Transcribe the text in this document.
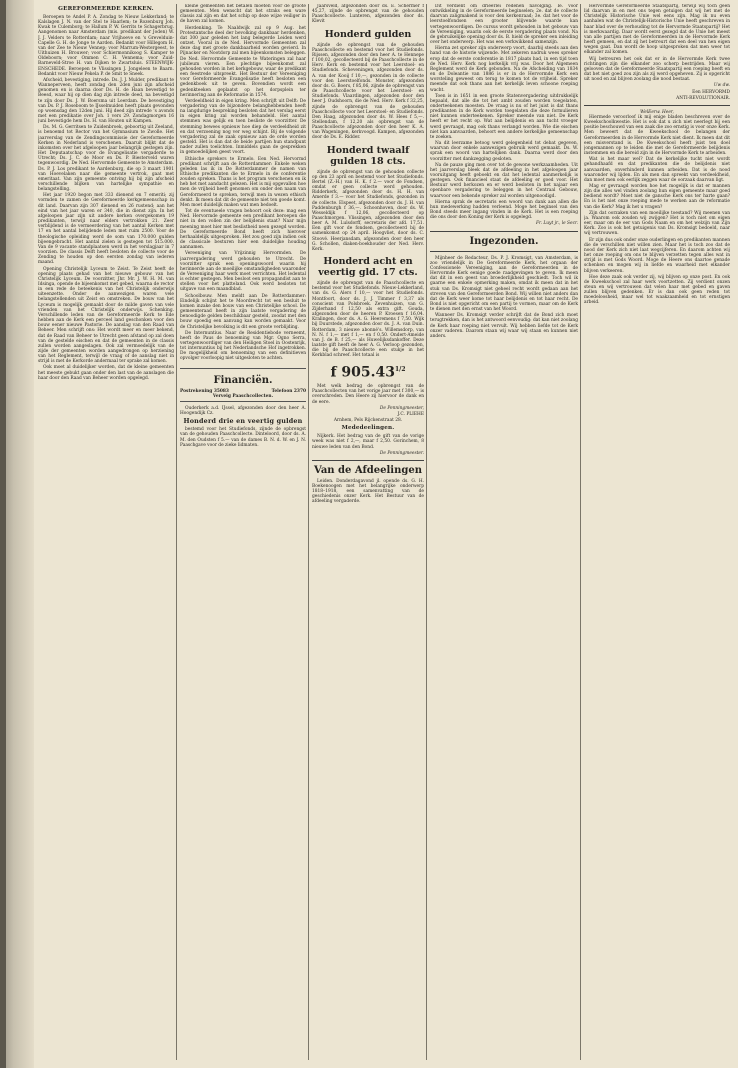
GEREFORMEERDE KERKEN.

Beroepen te Andel P. A. Zondag te Nieuw Lekkerland; te Kalslagen J. N. van der Stel te Haarlem; te Rozenburg Joh. Kwak te Culemborg; te Hallum P. W. Gerrits te Schagerbrug. Aangenomen naar Amsterdam (mis. predikant der Joden) W. J. J. Velders te Rotterdam; naar Vrijhoeve en 's Grevelduin-Capelle G. H. de Jonge te Aarden. Bedankt voor Hillegom H. van der Zee te Nieuw Vennep; voor Marrum-Westergeest, te Uithuizen H. Brouwer; voor Schiermonnikoog S. Kamper te Oldeboorn; voor Ommen C. H. Vennema; voor Zuid-Barneveld-Stroe H. van Dijken te Zwartsluis. STEENWIJK-ENSCHEDE. Beroepen te Vlissingen J. Jongeleen te Baarn. Bedankt voor Nieuw Pekela P. de Smit te Sneek.

Afscheid, bevestiging, intrede. Ds. J. J. Mulder, predikant te Wanneperveen, heeft zondag den 2den juni zijn afscheid genomen en is daarna door Ds. H. de Haan bevestigd te Beesd, waar hij op dien dag zijn intrede deed, na bevestigd te zijn door Ds. J. W. Boersma uit Leerdam. De bevestiging van Ds. P. J. Roseboom te IJsselmuiden heeft plaats gevonden op woensdag den 12den juni. Hij deed zijn intrede 's avonds met een predikatie over Joh. 1 vers 29. Zondagmorgen 16 juni bevestigde hem Ds. H. van Houten uit Kampen.

Ds. M. G. Gerritsen te Zuidenbroek, geboortig uit Zeeland, is benoemd tot Rector van het Gymnasium te Zwolle. Het jaarverslag van de Zendingscommissie der Gereformeerde Kerken in Nederland is verschenen. Daaruit blijkt dat de inkomsten over het afgeloopen jaar belangrijk gestegen zijn. Het Deputaatschap voor de Evangelisatie vergaderde te Utrecht; Ds. J. C. de Moor en Ds. P. Biesterveld waren tegenwoordig. De Ned. Hervormde Gemeente te Amsterdam. Ds. P. J. Los predikant te Aardenburg, die op 3 maart 1901 van Hoevelaken naar die gemeente vertrok, gaat met emeritaat. Van zijn gemeente ontving hij bij zijn afscheid verschillende blijken van hartelijke sympathie en belangstelling.

Het jaar 1920 begon met 333 dienend en 7 emeriti; zij vormden te zamen de Gereformeerde kerkgemeenschap in dit land. Daarvan zijn 307 dienend en 26 rustend; aan het eind van het jaar waren er 340, die in dienst zijn. In het afgeloopen jaar zijn uit andere kerken overgekomen 19 predikanten, terwijl naar elders vertrokken 21. Zeer verblijdend is de vermeerdering van het aantal Kerken met 17 en het aantal belijdende leden met ruim 2500. Voor de theologische opleiding werd de som van 170.000 gulden bijeengebracht. Het aantal zielen is gestegen tot 515.000. Van de 9 vacante standplaatsen werd in het verslagjaar in 7 voorzien. De classis Delft heeft besloten de collecte voor de Zending te houden op den eersten zondag van iederen maand.

Opening Christelijk Lyceum te Zeist. Te Zeist heeft de opening plaats gehad van het nieuwe gebouw van het Christelijk Lyceum. De voorzitter, Jhr. Mr. J. W. H. M. van Idsinga, opende de bijeenkomst met gebed, waarna de rector in een rede de beteekenis van het Christelijk onderwijs uiteenzette. Onder de aanwezigen waren vele belangstellenden uit Zeist en omstreken. De bouw van het Lyceum is mogelijk gemaakt door de milde gaven van vele vrienden van het Christelijk onderwijs. Schenking. Verschillende leden van de Gereformeerde Kerk te Ede hebben aan de Kerk een perceel land geschonken voor den bouw eener nieuwe Pastorie. De aanslag van den Raad van Beheer. Men schrijft ons: Het wordt meer en meer bekend, dat de Raad van Beheer te Utrecht geen afstand op zal doen van de gestelde eischen en dat de gemeenten in de classis zullen worden aangeslagen. Ook zal vermoedelijk van de zijde der gemeenten worden aangedrongen op herziening van het Reglement, terwijl de vraag of de aanslag niet in strijd is met de Kerkorde andermaal ter sprake zal komen.

Ook moet al duidelijker worden, dat de kleine gemeenten het meeste gebukt gaan onder den last van de aanslagen die haar door den Raad van Beheer worden opgelegd.

kleine gemeenten het betalen moeten voor de groote gemeenten. Men wenscht dat het straks een ware classis zal zijn en dat het schip op deze wijze veiliger in de haven zal komen.

Herdenking. Te Naaldwijk zal op 9 Aug. het Protestantsche deel der bevolking dankbaar herdenken, dat 300 jaar geleden het lang belegerde Leiden werd ontzet. Vooral in de Ned. Hervormde Gemeenten zal deze dag met groote dankbaarheid worden gevierd. In Pijnacker en Nootdorp zal men bijeenkomsten beleggen. De Ned. Hervormde Gemeente te Wateringen zal haar jubileum vieren. Een plechtige bijeenkomst zal gehouden worden in het kerkgebouw, waar de predikant een feestrede uitspreekt. Het Bestuur der Vereeniging voor Gereformeerde Evangelisatie heeft besloten een gedenkboek uit te geven. Bovendien wordt een gedenkteeken geplaatst op het dorpsplein ter herinnering aan de Reformatie in 1574.

Verdeeldheid in eigen kring. Men schrijft uit Delft: De vergadering van de bijzondere belanghebbenden heeft na langdurige bespreking besloten dat het verslag eerst in eigen kring zal worden behandeld. Het aantal stemmen was gelijk en toen besliste de voorzitter. De stemming bewees opnieuw hoe diep de verdeeldheid zit en dat verzoening nog ver weg schijnt. Bij de volgende vergadering zal de zaak opnieuw aan de orde worden gesteld. Het is dan dat de beide partijen hun standpunt nader zullen toelichten. Inmiddels gaan de gesprekken in gemoedelijken geest voort.

Ethische sprekers te Ermelo. Een Ned. Hervormd predikant schrijft aan de Rotterdammer: Enkele weken geleden las ik in De Rotterdammer de namen van Ethische predikanten die te Ermelo in de conferentie zouden spreken. Thans is het program verschenen en ik heb het met aandacht gelezen. Het is mij opgevallen hoe men de vrijheid heeft genomen om onder den naam van Gereformeerd te spreken, terwijl men in wezen ethisch denkt. Ik meen dat dit de gemeente niet ten goede komt. Men moet duidelijk maken wat men bedoelt.

Tot de eventueele vragen behoort ook deze: mag een Ned. Hervormde gemeente een predikant beroepen die niet in den vollen zin der belijdenis staat? Naar mijn meening moet hier met beslistheid neen gezegd worden. De Gereformeerde Bond heeft zich hierover herhaaldelijk uitgesproken. Het zou goed zijn indien ook de classicale besturen hier een duidelijke houding aannamen.

Vereeniging van Vrijzinnig Hervormden. De jaarvergadering werd gehouden te Utrecht. De voorzitter sprak een openingswoord waarin hij herinnerde aan de moeilijke omstandigheden waaronder de Vereeniging haar werk moet verrichten. Het ledental is echter gestegen. Men besloot een propagandist aan te stellen voor het platteland. Ook werd besloten tot uitgave van een maandblad.

Schoolbouw. Men meldt aan De Rotterdammer: Eindelijk schijnt het te Moordrecht tot een besluit te komen inzake den bouw van een Christelijke school. De gemeenteraad heeft in zijn laatste vergadering de benoodigde gelden beschikbaar gesteld, zoodat met den bouw spoedig een aanvang kan worden gemaakt. Voor de Christelijke bevolking is dit een groote verblijding.

De Internuntius. Naar de Residentiebode verneemt, heeft de Paus de benoeming van Mgr. Ogno Serra, vertegenwoordiger van den Heiligen Stoel in Oostenrijk, tot internuntius bij het Nederlandsche Hof ingetrokken. De mogelijkheid om benoeming van een definitieven opvolger voorloopig niet uitgesloten te achten.

Financiën.
Postrekening 35083	Telefoon 2370
Verveig Paaschcollecten.

Ouderkerk a.d. IJssel, afgezonden door den heer A. Hoogendijk Cz.

Honderd drie en veertig gulden

bestemd voor het Studiefonds, zijnde de opbrengst van de gehouden Paaschcollecte. Dinteloord, door ds. A. M. den Oudsten f 5.— van de dames B. N. d. W. en J. N. Paaschgave voor de zieke lidmaten.

Jaarsveld, afgezonden door ds. E. Schermer f 45,27, zijnde de opbrengst van de gehouden Paaschcollecte. Lunteren, afgezonden door ds. Klevit

Honderd gulden

zijnde de opbrengst van de gehouden Paaschcollecte en bestemd voor het Studiefonds. Rijssen, afgezonden door den heer A. te Hennepe f 100,02, gecollecteerd bij de Paaschcollecte in de Herv. Kerk en bestemd voor het Leerstoel- en Studiefonds. Scheveningen, afgezonden door ds. A. van der Kooij f 10,—, gezonden in de collecte voor den Leerstoelfonds. Monster, afgezonden door ds. G. Boers, f 85,06, zijnde de opbrengst van de Paaschcollecte voor het Leerstoel- en Studiefonds. Vlaardingen, afgezonden door den heer J. Oudshoorn, die de Ned. Herv. Kerk f 32,25, zijnde de opbrengst van de gehouden Paaschcollecte voor het Leerstoel- en Studiefonds. Den Haag, afgezonden door ds. W. Hees f 5,—. Stellendam, f 12,20 als opbrengst van de Paaschcollecte afgezonden door den heer K. A. van Wageningen, kerkvoogd. Kampen, afgezonden door de Ds. E. Ridder.

Honderd twaalf gulden 18 cts.

zijnde de opbrengst van de gehouden collecte op den 23 april en bestemd voor het Studiefonds. Bertel (Z.-H.) van H. K. f 2.— voor de Fondsen, omdat er geen collecte werd gehouden. Ridderkerk, afgezonden door ds. H. H. van Amerde f 3.— voor het Studiefonds, gezonden in de collecte. Elspeet, afgezonden door ds. J. H. van Paddenburgh f 36,—. Schoonhoven, door ds. W. Wesseldijk f 12,06, gecollecteerd op Paaschmorgen. Vlissingen, afgezonden door den heer A. M. Lulsdorff, secretaris der afd. 17,51. Een gift voor de fondsen, gecollecteerd bij de samenkomst op 24 april. Hoogvliet, door ds. C. Stoové. Heerjansdam, afgezonden door den heer G. Schollen, diaken-boekhouder der Ned. Herv. Kerk.

Honderd acht en veertig gld. 17 cts.

zijnde de opbrengst van de Paaschcollecte en bestemd voor het Studiefonds. Nieuw-Lekkerland, van ds. G. Alers f 10,— voor het Studiefonds. Montfoort, door ds. J. J. Timmer f 3,37 als conscient van Polsbroek. Zevenhuizen, van G. Zijderhand f 12,50 als extra gift. Gouda, afgezonden door de heeren P. Kroesen f 16,04. Kralingen, door ds. A. G. Heeremens f 7,50. Wijk bij Duurstede, afgezonden door ds. J. A. van Duin. Rotterdam, 3 nieuwe abonné's. Willemsdorp, van N. N. f 1,— met f 1,— en f 0,50. Ondert-Ameide van J. de B. f 25,— als Huwelijksdankoffer. Deze laatste gift heeft de heer A. G. Verloop gezonden, die bij de Paaschcollecte een stukje in het Kerkblad schreef. Het totaal is

f $905.43^{1/2}$

Met welk bedrag de opbrengst van de Paaschcollecten van het vorige jaar met f 300,— is overschreden. Den Heere zij hiervoor de dank en de eere.

De Penningmeester,
J.C. PLIEHE
Arnhem, Pels Rijckenstraat 28.
Mededeelingen.

Nijkerk. Het bedrag van de gift van de vorige week was niet f 2,—, maar f 2,50. Gorinchem, 8 nieuwe leden van den Bond.

De Penningmeester.
Van de Afdeelingen

Leiden. Donderdagavond jl. opende ds. G. H. Boekenoogen met het belangrijke onderwerp 1818–1918, een samenvatting van de geschiedenis onzer Kerk. Het Bestuur van de afdeeling vergaderde.

Dit verdient om drieërlei redenen navolging. Ie. voor ontwikkeling in de Gereformeerde beginselen; 2e. dat de collecte daarvan zaligmakend is voor den kerkenraad; 3e. dat het voor de leerstoelfondsen een grooter blijvende waarde kan vertegenwoordigen. De cursus wordt gehouden in het gebouw van de Vereeniging, waarin ook de eerste vergadering plaats vond. Na de gebruikelijke opening door ds. B. hield de spreker een inleiding over het onderwerp. Het was een verkwikkend samenzijn.

Hierna zet spreker zijn onderwerp voort, daarbij steeds aan den hand van de historie wijzende. Met zekeren nadruk wees spreker erop dat de eerste conferentie in 1817 plaats had, in een tijd toen de Ned. Herv. Kerk nog kerkelijk vrij was. Door het Algemeen Reglement werd de Kerk gebonden. Na de Afscheiding van 1834 en de Doleantie van 1886 is er in de Hervormde Kerk een worsteling geweest om terug te komen tot de vrijheid. Spreker meende dat ook thans aan het kerkelijk leven schoone roeping wacht.

Toen is in 1651 in een groote Statenvergadering uitdrukkelijk bepaald, dat alle die tot het ambt zouden worden toegelaten, onderteekenen moesten. De vraag is nu of het juist is dat thans predikanten in de Kerk worden toegelaten die deze formulieren niet kunnen onderteekenen. Spreker meende van niet. De Kerk heeft er het recht op. Wat aan belijdenis en aan tucht vroeger werd gevraagd, mag ook thans verlangd worden. Wie die eischen niet kan aanvaarden, behoort een andere kerkelijke gemeenschap te zoeken.

Na dit leerzame betoog werd gelegenheid tot debat gegeven, waarvan door enkele aanwezigen gebruik werd gemaakt. Ds. W. sprak een woord van hartelijken dank. Daarna werd door den voorzitter met dankzegging gesloten.

Na de pauze ging men over tot de gewone werkzaamheden. Uit het jaarverslag bleek dat de afdeeling in het afgeloopen jaar vooruitgang heeft geboekt en dat het ledental aanmerkelijk is gestegen. Ook financieel staat de afdeeling er goed voor. Het Bestuur werd herkozen en er werd besloten in het najaar een openbare vergadering te beleggen in het Centraal Gebouw, waarvoor een bekende spreker zal worden uitgenoodigd.

Hierna sprak de secretaris een woord van dank aan allen die hun medewerking hadden verleend. Moge het beginsel van den Bond steeds meer ingang vinden in de Kerk. Het is een roeping die ons door den Koning der Kerk is opgelegd.

Fr. Luyt jr., le Secr.
Ingezonden.

Mijnheer de Redacteur, Ds. P. J. Kromsigt, van Amsterdam, is zoo vriendelijk in De Gereformeerde Kerk, het orgaan der Confessionele Vereeniging, aan de Gereformeerden in de Hervormde Kerk eenige goede raadgevingen te geven. Ik meen dat dit in een geest van broederlijkheid geschiedt. Toch wil ik gaarne een enkele opmerking maken, omdat ik meen dat in het stuk van Ds. Kromsigt niet geheel recht wordt gedaan aan het streven van den Gereformeerden Bond. Wij willen niet anders dan dat de Kerk weer kome tot haar belijdenis en tot haar recht. De Bond is niet opgericht om een partij te vormen, maar om de Kerk te dienen met den ernst van het Woord.

Wanneer Ds. Kromsigt verder schrijft dat de Bond zich moet terugtrekken, dan is het antwoord eenvoudig: dat kan niet zoolang de Kerk haar roeping niet vervult. Wij hebben liefde tot de Kerk onzer vaderen. Daarom staan wij waar wij staan en kunnen niet anders.

Hervormde Gereformeerde Staatspartij, terwijl wij toch geen lid daarvan in en met ons tegen getuigen dat wij het met de Christelijk Historische Unie wel eens zijn. Mag ik nu even aanhalen wat de Christelijk-Historische Unie heeft geschreven in haar blad over de verhouding tot de Hervormde Staatspartij? Het is merkwaardig. Daar wordt eerst gezegd dat de Unie het meest van alle partijen met de Gereformeerden in de Hervormde Kerk heeft gemeen, en dat zij het betreurt dat een deel van hen eigen wegen gaat. Dan wordt de hoop uitgesproken dat men weer tot elkander zal komen.

Wij betreuren het ook dat er in de Hervormde Kerk twee richtingen zijn die elkander zoo scherp bestrijden. Maar wij gelooven dat de Gereformeerde Staatspartij een roeping heeft en dat het niet goed zou zijn als zij werd opgeheven. Zij is opgericht uit nood en zal blijven zoolang die nood bestaat.

Uw dw.
Een HERVORMD
ANTI-REVOLUTIONAIR.
WelEerw. Heer,

Hiermede veroorloof ik mij enige bladen beschreven over de Kweekschoolkwestie. Het is ook dat u zich niet neerlegt bij een positie beschouwd van een zaak die zoo ernstig is voor onze Kerk. Men beweert dat de Kweekschool de belangen der Gereformeerden in de Hervormde Kerk niet dient. Ik meen dat dit een misverstand is. De Kweekschool heeft juist ten doel jongemannen op te leiden die met de Gereformeerde belijdenis instemmen en die bereid zijn in de Hervormde Kerk te arbeiden.

Wat is het maar wel? Dat de kerkelijke tucht niet wordt gehandhaafd en dat predikanten die de belijdenis niet aanvaarden, onverhinderd kunnen arbeiden. Dat is de nood waaronder wij lijden. En als men dan spreekt van verdeeldheid, dan moet men ook eerlijk zeggen waar de oorzaak daarvan ligt.

Mag er gevraagd worden hoe het mogelijk is dat er mannen zijn die alles wel vinden zoolang hun eigen gemeente maar goed bediend wordt? Moet niet de gansche Kerk ons ter harte gaan? En is het niet onze roeping mede te werken aan de reformatie van die Kerk? Mag ik het u vragen?

Zijn dat oorzaken van een moeilijke toestand? Wij meenen van ja. Waarom ook zouden wij zwijgen? Het is toch niet om eigen eer, maar om de eer van Gods Naam en om het welzijn van Zijn Kerk. Zoo is ook het getuigenis van Ds. Kromsigt bedoeld, naar wij vertrouwen.

Er zijn dus ook onder onze ouderlingen en predikanten mannen die de verschillen niet willen zien. Maar het is toch zoo dat de nood der Kerk zich niet laat wegcijferen. En daarom achten wij het onze roeping om ons te blijven verzetten tegen alles wat in strijd is met Gods Woord. Moge de Heere ons daartoe genade schenken en mogen wij in liefde en waarheid met elkander blijven verkeeren.

Hoe deze zaak ook verder zij, wij blijven op onze post. En ook de Kweekschool zal haar werk voortzetten. Zij verdient onzen steun en wij vertrouwen dat velen haar met gebed en gaven zullen blijven gedenken. Er is dan ook geen reden tot moedeloosheid, maar wel tot waakzaamheid en tot ernstigen arbeid.
